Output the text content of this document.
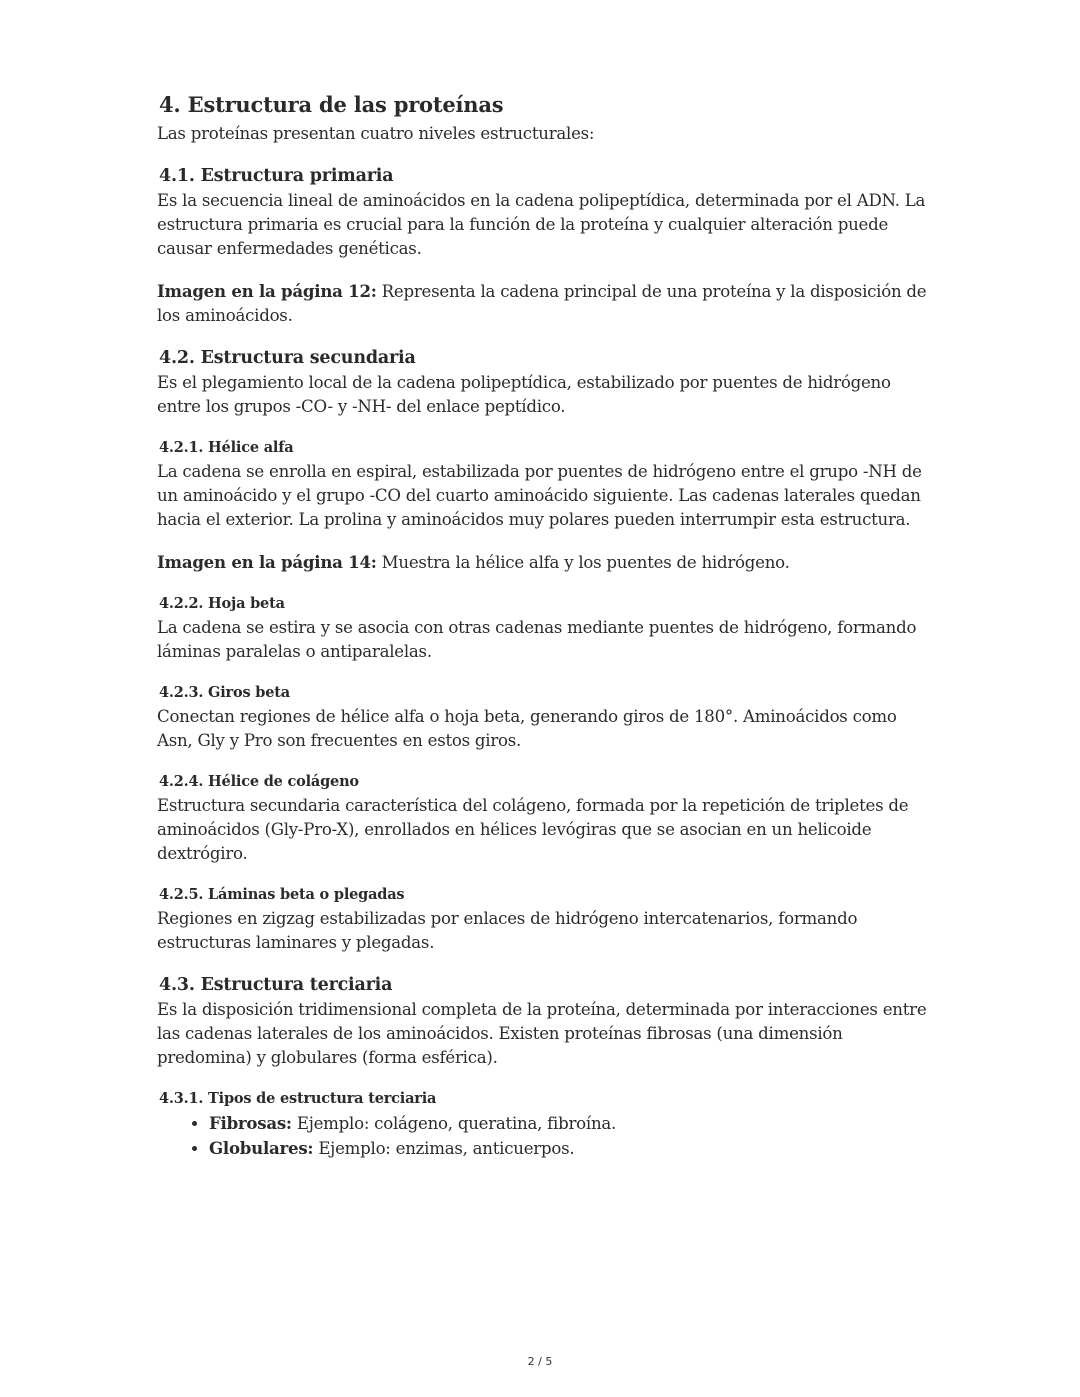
4. Estructura de las proteínas

Las proteínas presentan cuatro niveles estructurales:

4.1. Estructura primaria

Es la secuencia lineal de aminoácidos en la cadena polipeptídica, determinada por el ADN. La estructura primaria es crucial para la función de la proteína y cualquier alteración puede causar enfermedades genéticas.

Imagen en la página 12: Representa la cadena principal de una proteína y la disposición de los aminoácidos.

4.2. Estructura secundaria

Es el plegamiento local de la cadena polipeptídica, estabilizado por puentes de hidrógeno entre los grupos -CO- y -NH- del enlace peptídico.

4.2.1. Hélice alfa

La cadena se enrolla en espiral, estabilizada por puentes de hidrógeno entre el grupo -NH de un aminoácido y el grupo -CO del cuarto aminoácido siguiente. Las cadenas laterales quedan hacia el exterior. La prolina y aminoácidos muy polares pueden interrumpir esta estructura.

Imagen en la página 14: Muestra la hélice alfa y los puentes de hidrógeno.

4.2.2. Hoja beta

La cadena se estira y se asocia con otras cadenas mediante puentes de hidrógeno, formando láminas paralelas o antiparalelas.

4.2.3. Giros beta

Conectan regiones de hélice alfa o hoja beta, generando giros de 180°. Aminoácidos como Asn, Gly y Pro son frecuentes en estos giros.

4.2.4. Hélice de colágeno

Estructura secundaria característica del colágeno, formada por la repetición de tripletes de aminoácidos (Gly-Pro-X), enrollados en hélices levógiras que se asocian en un helicoide dextrógiro.

4.2.5. Láminas beta o plegadas

Regiones en zigzag estabilizadas por enlaces de hidrógeno intercatenarios, formando estructuras laminares y plegadas.

4.3. Estructura terciaria

Es la disposición tridimensional completa de la proteína, determinada por interacciones entre las cadenas laterales de los aminoácidos. Existen proteínas fibrosas (una dimensión predomina) y globulares (forma esférica).

4.3.1. Tipos de estructura terciaria
• Fibrosas: Ejemplo: colágeno, queratina, fibroína.
• Globulares: Ejemplo: enzimas, anticuerpos.
2 / 5
